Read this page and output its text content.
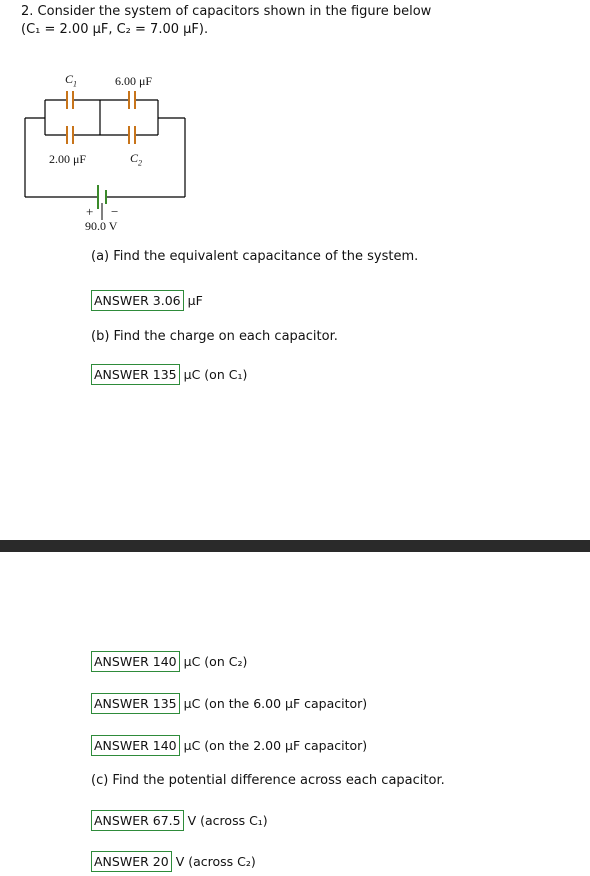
2. Consider the system of capacitors shown in the figure below
(C₁ = 2.00 μF, C₂ = 7.00 μF).
$C_1$	6.00 μF
2.00 μF	$C_2$
+ −
90.0 V
(a) Find the equivalent capacitance of the system.
ANSWER 3.06 μF
(b) Find the charge on each capacitor.
ANSWER 135 μC (on C₁)
ANSWER 140 μC (on C₂)
ANSWER 135 μC (on the 6.00 μF capacitor)
ANSWER 140 μC (on the 2.00 μF capacitor)
(c) Find the potential difference across each capacitor.
ANSWER 67.5 V (across C₁)
ANSWER 20 V (across C₂)
